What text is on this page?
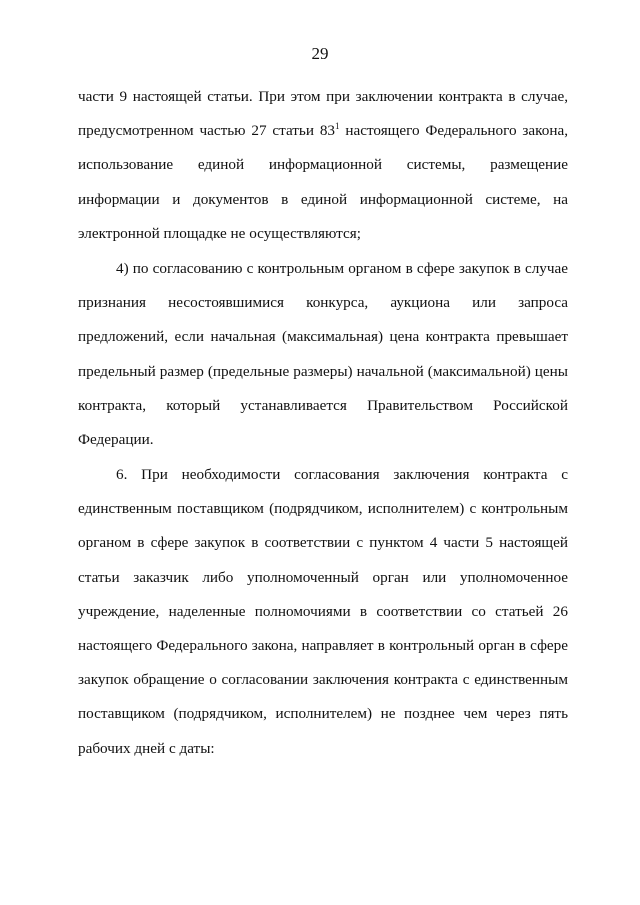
29
части 9 настоящей статьи. При этом при заключении контракта в случае,
предусмотренном частью 27 статьи $83^1$ настоящего Федерального закона,
использование единой информационной системы, размещение
информации и документов в единой информационной системе, на
электронной площадке не осуществляются;
4) по согласованию с контрольным органом в сфере закупок в случае
признания несостоявшимися конкурса, аукциона или запроса
предложений, если начальная (максимальная) цена контракта превышает
предельный размер (предельные размеры) начальной (максимальной) цены
контракта, который устанавливается Правительством Российской
Федерации.
6. При необходимости согласования заключения контракта с
единственным поставщиком (подрядчиком, исполнителем) с контрольным
органом в сфере закупок в соответствии с пунктом 4 части 5 настоящей
статьи заказчик либо уполномоченный орган или уполномоченное
учреждение, наделенные полномочиями в соответствии со статьей 26
настоящего Федерального закона, направляет в контрольный орган в сфере
закупок обращение о согласовании заключения контракта с единственным
поставщиком (подрядчиком, исполнителем) не позднее чем через пять
рабочих дней с даты:
